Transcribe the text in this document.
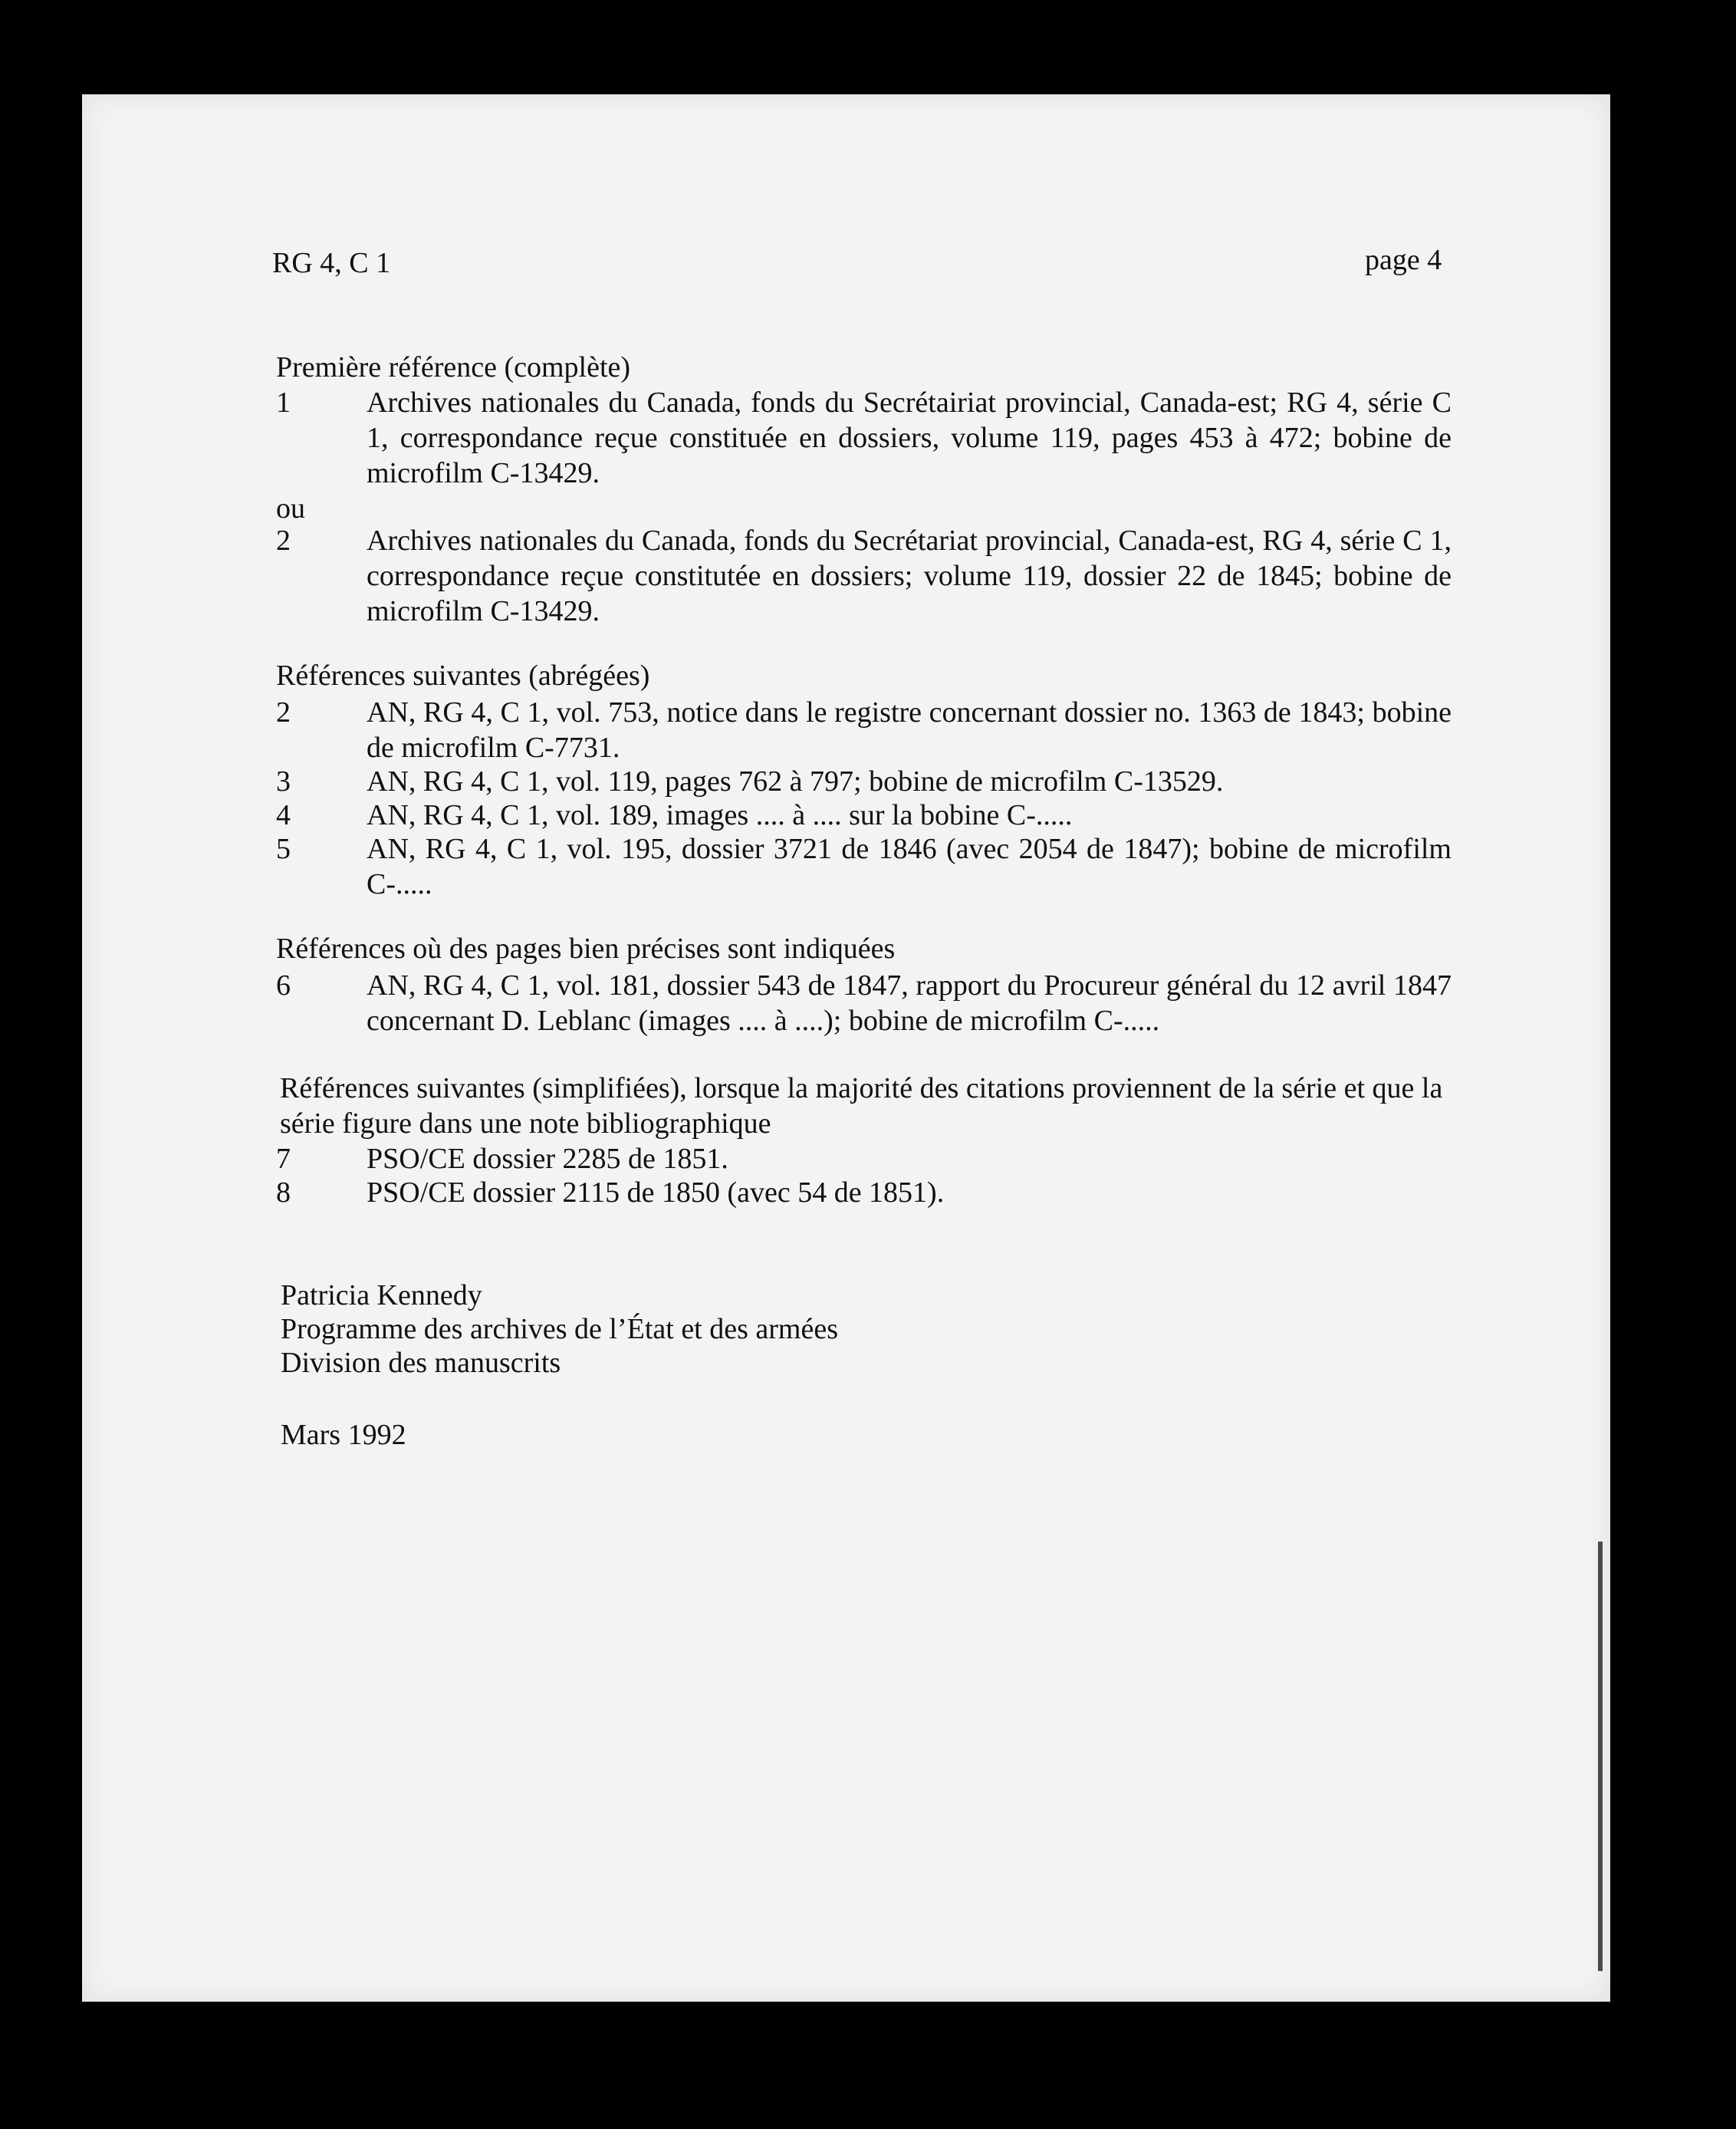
RG 4, C 1	page 4
Première référence (complète)
1	Archives nationales du Canada, fonds du Secrétairiat provincial, Canada-est; RG 4, série C 1, correspondance reçue constituée en dossiers, volume 119, pages 453 à 472; bobine de microfilm C-13429.
ou
2	Archives nationales du Canada, fonds du Secrétariat provincial, Canada-est, RG 4, série C 1, correspondance reçue constitutée en dossiers; volume 119, dossier 22 de 1845; bobine de microfilm C-13429.
Références suivantes (abrégées)
2	AN, RG 4, C 1, vol. 753, notice dans le registre concernant dossier no. 1363 de 1843; bobine de microfilm C-7731.
3	AN, RG 4, C 1, vol. 119, pages 762 à 797; bobine de microfilm C-13529.
4	AN, RG 4, C 1, vol. 189, images .... à .... sur la bobine C-.....
5	AN, RG 4, C 1, vol. 195, dossier 3721 de 1846 (avec 2054 de 1847); bobine de microfilm C-.....
Références où des pages bien précises sont indiquées
6	AN, RG 4, C 1, vol. 181, dossier 543 de 1847, rapport du Procureur général du 12 avril 1847 concernant D. Leblanc (images .... à ....); bobine de microfilm C-.....
Références suivantes (simplifiées), lorsque la majorité des citations proviennent de la série et que la série figure dans une note bibliographique
7	PSO/CE dossier 2285 de 1851.
8	PSO/CE dossier 2115 de 1850 (avec 54 de 1851).
Patricia Kennedy
Programme des archives de l’État et des armées
Division des manuscrits
Mars 1992
